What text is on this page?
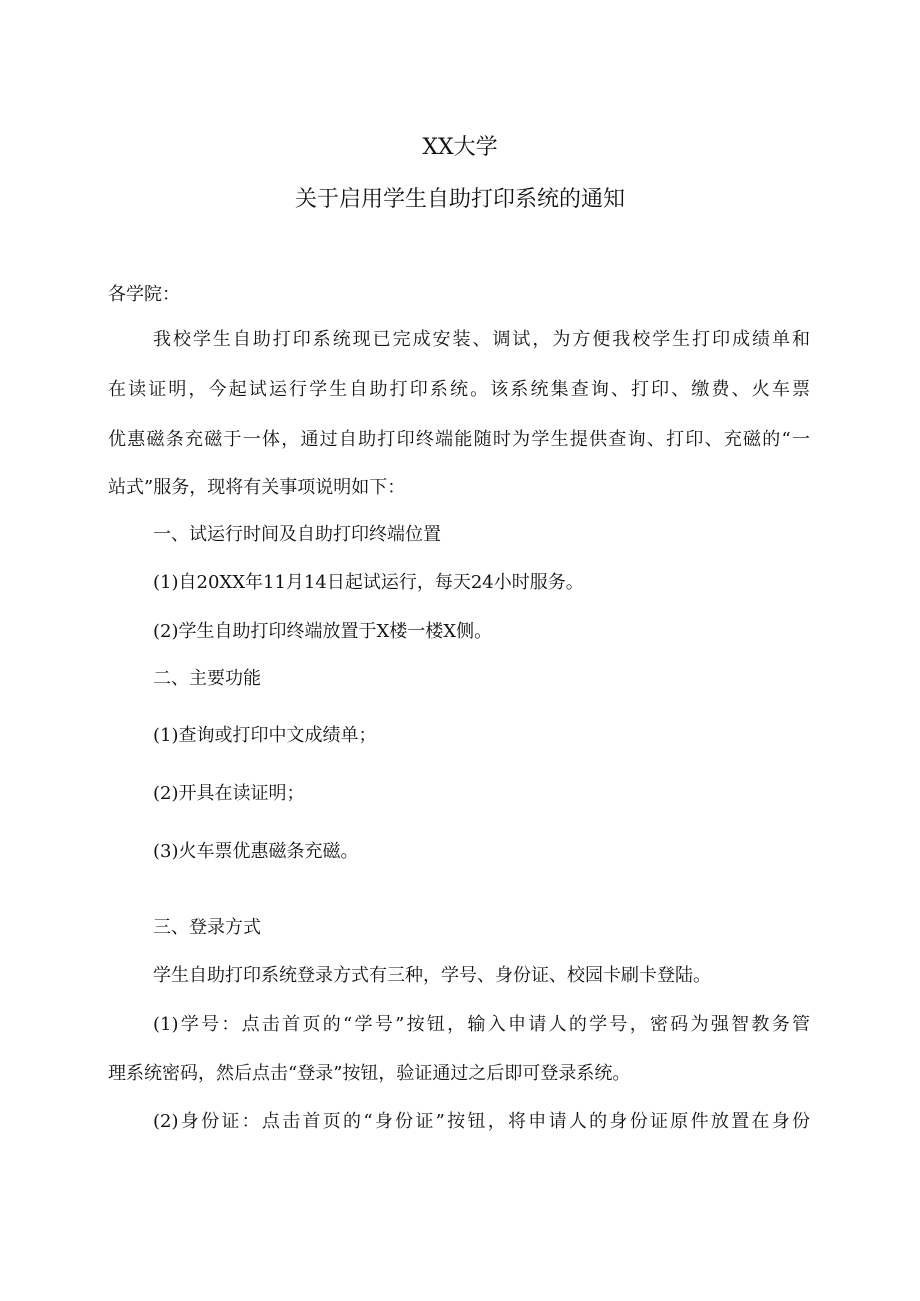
XX大学
关于启用学生自助打印系统的通知
各学院：
我校学生自助打印系统现已完成安装、调试，为方便我校学生打印成绩单和
在读证明，今起试运行学生自助打印系统。该系统集查询、打印、缴费、火车票
优惠磁条充磁于一体，通过自助打印终端能随时为学生提供查询、打印、充磁的“一
站式”服务，现将有关事项说明如下：
一、试运行时间及自助打印终端位置
(1)自20XX年11月14日起试运行，每天24小时服务。
(2)学生自助打印终端放置于X楼一楼X侧。
二、主要功能
(1)查询或打印中文成绩单；
(2)开具在读证明；
(3)火车票优惠磁条充磁。
三、登录方式
学生自助打印系统登录方式有三种，学号、身份证、校园卡刷卡登陆。
(1)学号：点击首页的“学号”按钮，输入申请人的学号，密码为强智教务管
理系统密码，然后点击“登录”按钮，验证通过之后即可登录系统。
(2)身份证：点击首页的“身份证”按钮，将申请人的身份证原件放置在身份
